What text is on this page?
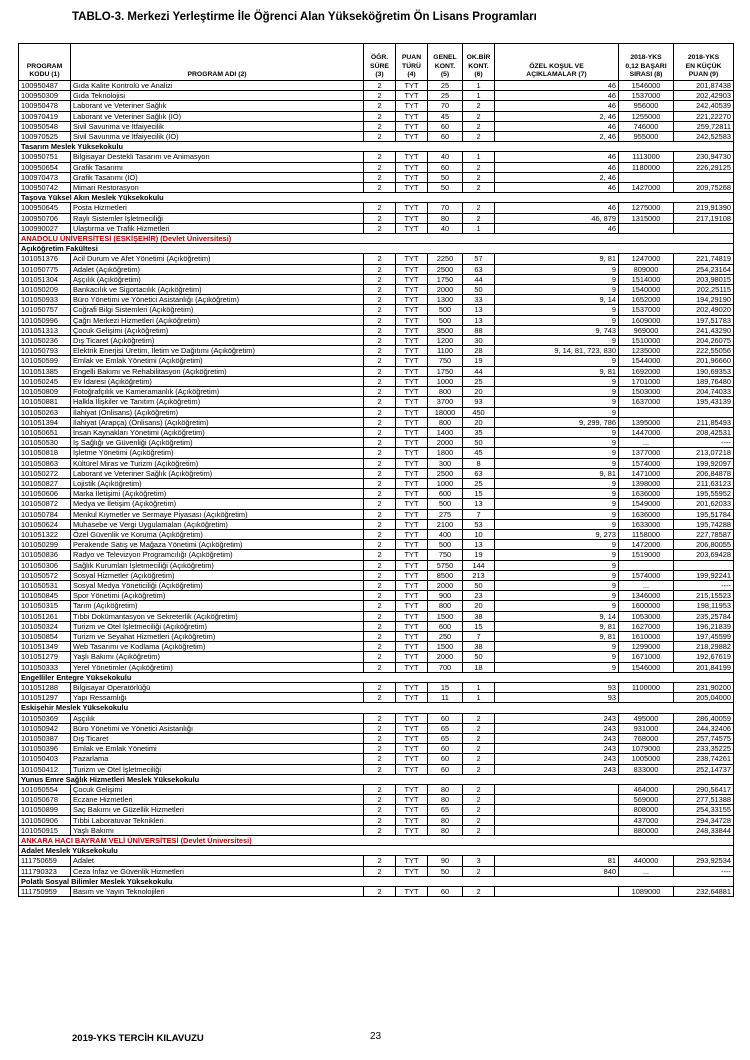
TABLO-3. Merkezi Yerleştirme İle Öğrenci Alan Yükseköğretim Ön Lisans Programları
PROGRAM
KODU (1)	PROGRAM ADI (2)	ÖĞR.
SÜRE
(3)	PUAN
TÜRÜ
(4)	GENEL
KONT.
(5)	OK.BİR
KONT.
(6)	ÖZEL KOŞUL VE
AÇIKLAMALAR (7)	2018-YKS
0,12 BAŞARI
SIRASI (8)	2018-YKS
EN KÜÇÜK
PUAN (9)

100950487	Gıda Kalite Kontrolü ve Analizi	2	TYT	25	1	46	1546000	201,87438
100950309	Gıda Teknolojisi	2	TYT	25	1	46	1537000	202,42903
100950478	Laborant ve Veteriner Sağlık	2	TYT	70	2	46	956000	242,40539
100970419	Laborant ve Veteriner Sağlık (İÖ)	2	TYT	45	2	2, 46	1255000	221,22270
100950548	Sivil Savunma ve İtfaiyecilik	2	TYT	60	2	46	746000	259,72811
100970525	Sivil Savunma ve İtfaiyecilik (İÖ)	2	TYT	60	2	2, 46	955000	242,52583
Tasarım Meslek Yüksekokulu								
100950751	Bilgisayar Destekli Tasarım ve Animasyon	2	TYT	40	1	46	1113000	230,94730
100950654	Grafik Tasarımı	2	TYT	60	2	46	1180000	226,29125
100970473	Grafik Tasarımı (İÖ)	2	TYT	50	2	2, 46		
100950742	Mimari Restorasyon	2	TYT	50	2	46	1427000	209,75268
Taşova Yüksel Akın Meslek Yüksekokulu								
100950645	Posta Hizmetleri	2	TYT	70	2	46	1275000	219,91390
100950706	Raylı Sistemler İşletmeciliği	2	TYT	80	2	46, 879	1315000	217,19108
100990027	Ulaştırma ve Trafik Hizmetleri	2	TYT	40	1	46		
ANADOLU ÜNİVERSİTESİ (ESKİŞEHİR) (Devlet Üniversitesi)								
Açıköğretim Fakültesi								
101051376	Acil Durum ve Afet Yönetimi (Açıköğretim)	2	TYT	2250	57	9, 81	1247000	221,74819
101050775	Adalet (Açıköğretim)	2	TYT	2500	63	9	809000	254,23164
101051304	Aşçılık (Açıköğretim)	2	TYT	1750	44	9	1514000	203,98015
101050209	Bankacılık ve Sigortacılık (Açıköğretim)	2	TYT	2000	50	9	1540000	202,25115
101050933	Büro Yönetimi ve Yönetici Asistanlığı (Açıköğretim)	2	TYT	1300	33	9, 14	1652000	194,29190
101050757	Coğrafi Bilgi Sistemleri (Açıköğretim)	2	TYT	500	13	9	1537000	202,49020
101050996	Çağrı Merkezi Hizmetleri (Açıköğretim)	2	TYT	500	13	9	1609000	197,51783
101051313	Çocuk Gelişimi (Açıköğretim)	2	TYT	3500	88	9, 743	969000	241,43290
101050236	Dış Ticaret (Açıköğretim)	2	TYT	1200	30	9	1510000	204,26075
101050793	Elektrik Enerjisi Üretim, İletim ve Dağıtımı (Açıköğretim)	2	TYT	1100	28	9, 14, 81, 723, 830	1235000	222,55056
101050599	Emlak ve Emlak Yönetimi (Açıköğretim)	2	TYT	750	19	9	1544000	201,96660
101051385	Engelli Bakımı ve Rehabilitasyon (Açıköğretim)	2	TYT	1750	44	9, 81	1692000	190,69353
101050245	Ev İdaresi (Açıköğretim)	2	TYT	1000	25	9	1701000	189,76480
101050809	Fotoğrafçılık ve Kameramanlık (Açıköğretim)	2	TYT	800	20	9	1503000	204,74033
101050881	Halkla İlişkiler ve Tanıtım (Açıköğretim)	2	TYT	3700	93	9	1637000	195,43139
101050263	İlahiyat (Önlisans) (Açıköğretim)	2	TYT	18000	450	9		
101051394	İlahiyat (Arapça) (Önlisans) (Açıköğretim)	2	TYT	800	20	9, 299, 786	1395000	211,85493
101050651	İnsan Kaynakları Yönetimi (Açıköğretim)	2	TYT	1400	35	9	1447000	208,42531
101050530	İş Sağlığı ve Güvenliği (Açıköğretim)	2	TYT	2000	50	9	...	----
101050818	İşletme Yönetimi (Açıköğretim)	2	TYT	1800	45	9	1377000	213,07218
101050863	Kültürel Miras ve Turizm (Açıköğretim)	2	TYT	300	8	9	1574000	199,92097
101050272	Laborant ve Veteriner Sağlık (Açıköğretim)	2	TYT	2500	63	9, 81	1471000	206,84878
101050827	Lojistik (Açıköğretim)	2	TYT	1000	25	9	1398000	211,63123
101050606	Marka İletişimi (Açıköğretim)	2	TYT	600	15	9	1636000	195,55952
101050872	Medya ve İletişim (Açıköğretim)	2	TYT	500	13	9	1549000	201,62033
101050784	Menkul Kıymetler ve Sermaye Piyasası (Açıköğretim)	2	TYT	275	7	9	1636000	195,51784
101050624	Muhasebe ve Vergi Uygulamaları (Açıköğretim)	2	TYT	2100	53	9	1633000	195,74288
101051322	Özel Güvenlik ve Koruma (Açıköğretim)	2	TYT	400	10	9, 273	1158000	227,78587
101050299	Perakende Satış ve Mağaza Yönetimi (Açıköğretim)	2	TYT	500	13	9	1472000	206,80055
101050836	Radyo ve Televizyon Programcılığı (Açıköğretim)	2	TYT	750	19	9	1519000	203,69428
101050306	Sağlık Kurumları İşletmeciliği (Açıköğretim)	2	TYT	5750	144	9		
101050572	Sosyal Hizmetler (Açıköğretim)	2	TYT	8500	213	9	1574000	199,92241
101050531	Sosyal Medya Yöneticiliği (Açıköğretim)	2	TYT	2000	50	9	...	----
101050845	Spor Yönetimi (Açıköğretim)	2	TYT	900	23	9	1346000	215,15523
101050315	Tarım (Açıköğretim)	2	TYT	800	20	9	1600000	198,11953
101051261	Tıbbi Dokümantasyon ve Sekreterlik (Açıköğretim)	2	TYT	1500	38	9, 14	1053000	235,25784
101050324	Turizm ve Otel İşletmeciliği (Açıköğretim)	2	TYT	600	15	9, 81	1627000	196,21839
101050854	Turizm ve Seyahat Hizmetleri (Açıköğretim)	2	TYT	250	7	9, 81	1610000	197,45599
101051349	Web Tasarımı ve Kodlama (Açıköğretim)	2	TYT	1500	38	9	1299000	218,29882
101051279	Yaşlı Bakımı (Açıköğretim)	2	TYT	2000	50	9	1671000	192,67619
101050333	Yerel Yönetimler (Açıköğretim)	2	TYT	700	18	9	1546000	201,84199
Engelliler Entegre Yüksekokulu								
101051288	Bilgisayar Operatörlüğü	2	TYT	15	1	93	1100000	231,90200
101051297	Yapı Ressamlığı	2	TYT	11	1	93		205,04000
Eskişehir Meslek Yüksekokulu								
101050369	Aşçılık	2	TYT	60	2	243	495000	286,40059
101050942	Büro Yönetimi ve Yönetici Asistanlığı	2	TYT	65	2	243	931000	244,32406
101050387	Dış Ticaret	2	TYT	65	2	243	768000	257,74575
101050396	Emlak ve Emlak Yönetimi	2	TYT	60	2	243	1079000	233,35225
101050403	Pazarlama	2	TYT	60	2	243	1005000	238,74261
101050412	Turizm ve Otel İşletmeciliği	2	TYT	60	2	243	833000	252,14737
Yunus Emre Sağlık Hizmetleri Meslek Yüksekokulu								
101050554	Çocuk Gelişimi	2	TYT	80	2		464000	290,56417
101050678	Eczane Hizmetleri	2	TYT	80	2		569000	277,51388
101050899	Saç Bakımı ve Güzellik Hizmetleri	2	TYT	65	2		808000	254,33155
101050906	Tıbbi Laboratuvar Teknikleri	2	TYT	80	2		437000	294,34728
101050915	Yaşlı Bakımı	2	TYT	80	2		880000	248,33844
ANKARA HACI BAYRAM VELİ ÜNİVERSİTESİ (Devlet Üniversitesi)								
Adalet Meslek Yüksekokulu								
111750659	Adalet	2	TYT	90	3	81	440000	293,92534
111790323	Ceza İnfaz ve Güvenlik Hizmetleri	2	TYT	50	2	840	...	----
Polatlı Sosyal Bilimler Meslek Yüksekokulu								
111750959	Basım ve Yayın Teknolojileri	2	TYT	60	2		1089000	232,64881
2019-YKS TERCİH KILAVUZU	23
